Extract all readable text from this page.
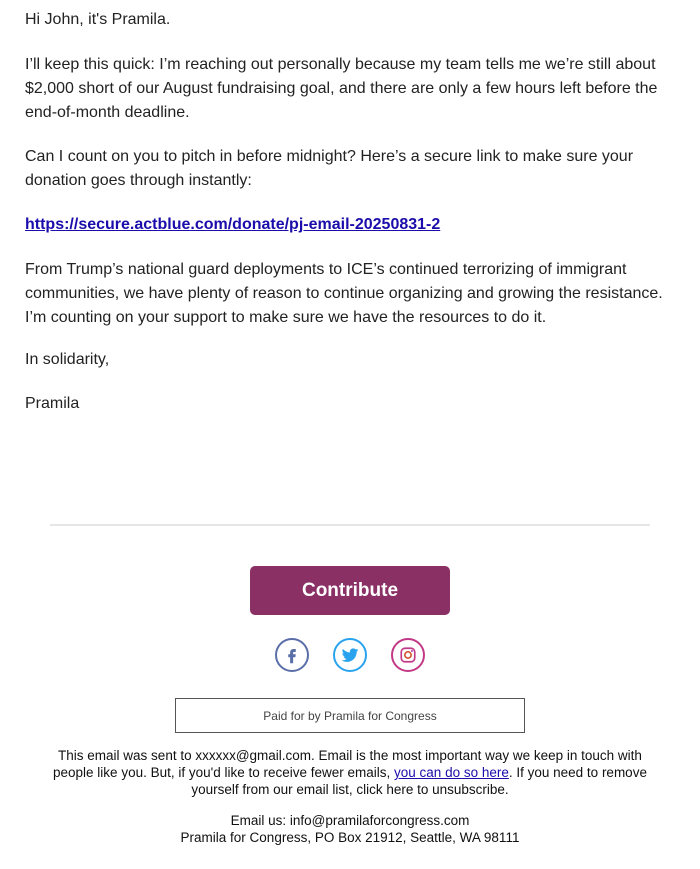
Hi John, it's Pramila.

I’ll keep this quick: I’m reaching out personally because my team tells me we’re still about $2,000 short of our August fundraising goal, and there are only a few hours left before the end-of-month deadline.

Can I count on you to pitch in before midnight? Here’s a secure link to make sure your donation goes through instantly:

https://secure.actblue.com/donate/pj-email-20250831-2

From Trump’s national guard deployments to ICE’s continued terrorizing of immigrant communities, we have plenty of reason to continue organizing and growing the resistance. I’m counting on your support to make sure we have the resources to do it.

In solidarity,

Pramila

Contribute
Paid for by Pramila for Congress
This email was sent to xxxxxx@gmail.com. Email is the most important way we keep in touch with people like you. But, if you'd like to receive fewer emails, you can do so here. If you need to remove yourself from our email list, click here to unsubscribe.
Email us: info@pramilaforcongress.com
Pramila for Congress, PO Box 21912, Seattle, WA 98111
